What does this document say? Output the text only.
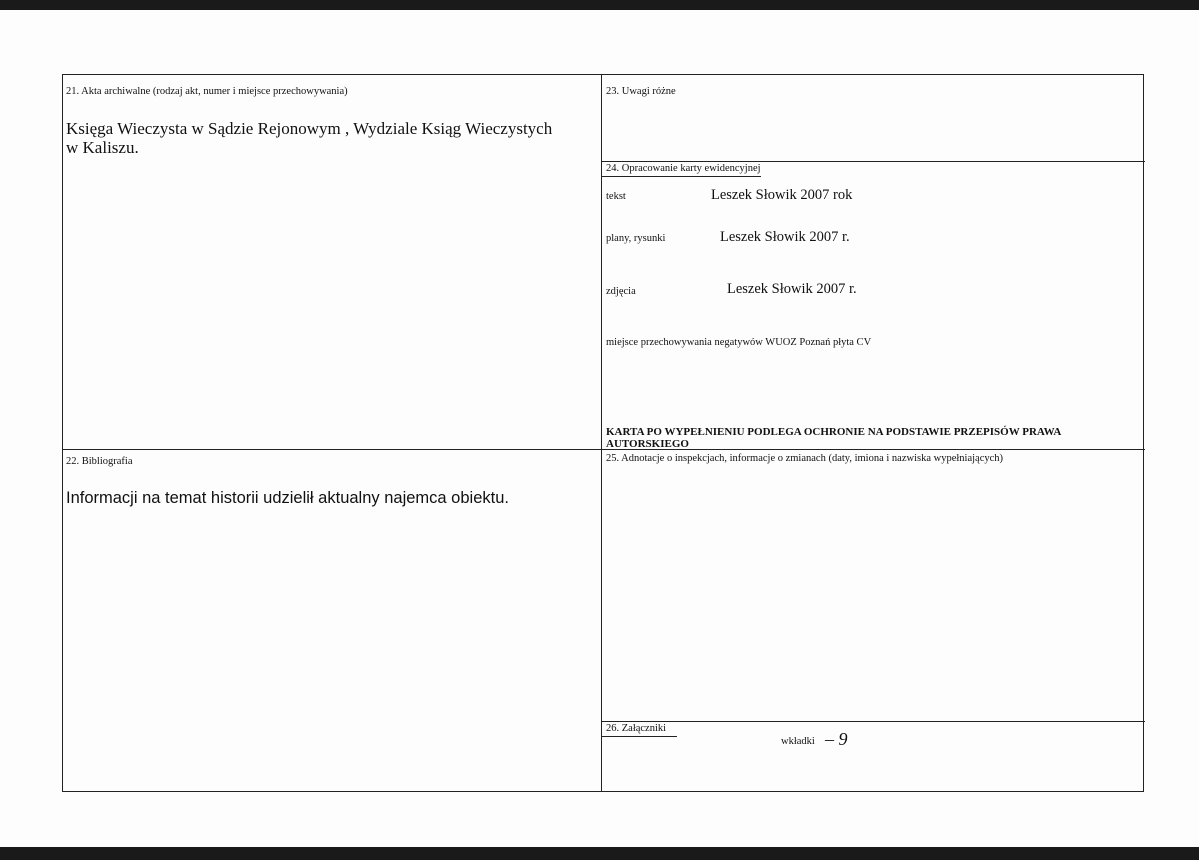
21. Akta archiwalne (rodzaj akt, numer i miejsce przechowywania)
Księga Wieczysta w Sądzie Rejonowym , Wydziale Ksiąg Wieczystych w Kaliszu.
22. Bibliografia
Informacji na temat historii udzielił aktualny najemca obiektu.
23. Uwagi różne
24. Opracowanie karty ewidencyjnej
tekst	Leszek Słowik 2007 rok
plany, rysunki	Leszek Słowik 2007 r.
zdjęcia	Leszek Słowik 2007 r.
miejsce przechowywania negatywów WUOZ Poznań płyta CV
KARTA PO WYPEŁNIENIU PODLEGA OCHRONIE NA PODSTAWIE PRZEPISÓW PRAWA AUTORSKIEGO
25. Adnotacje o inspekcjach, informacje o zmianach (daty, imiona i nazwiska wypełniających)
26. Załączniki
wkładki – 9
